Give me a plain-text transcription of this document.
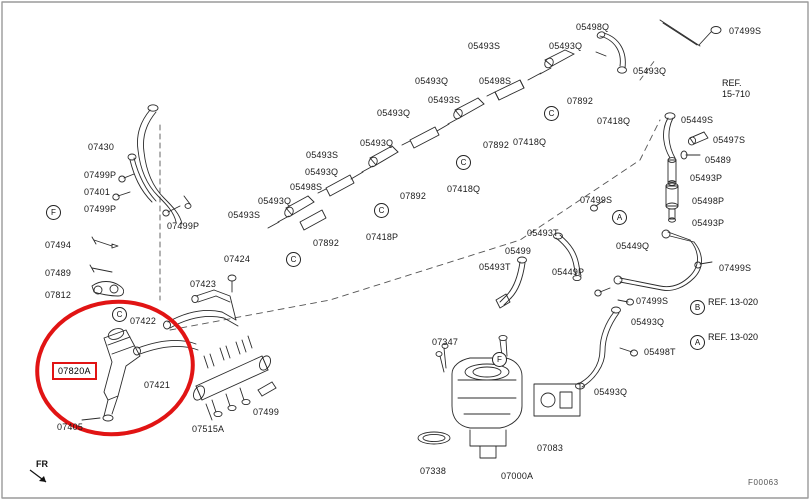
F
C
C
C
C
C
A
B
A
F
REF.
15-710
REF. 13-020
REF. 13-020
07820A
FR
F00063
07499S
05498Q
05493S	05493Q
05493Q
05493Q	05498S
07892
05493S
07418Q	05449S
05493Q
05493Q	07418Q	05497S
07892
07430
05493S	05489
07499P	05493Q
05493P
07401	05498S
07892
07418Q
05498P
07499P
05493Q
05493P
07499P
05493S
07499S
07494	07892
07418P	05493T
05449Q
07424
05499
07489	05449P	07499S
07423
05493T
07812
07499S
07422	05493Q
07347
05498T
07421
05493Q
07499
07405	07515A
07083
07338	07000A
